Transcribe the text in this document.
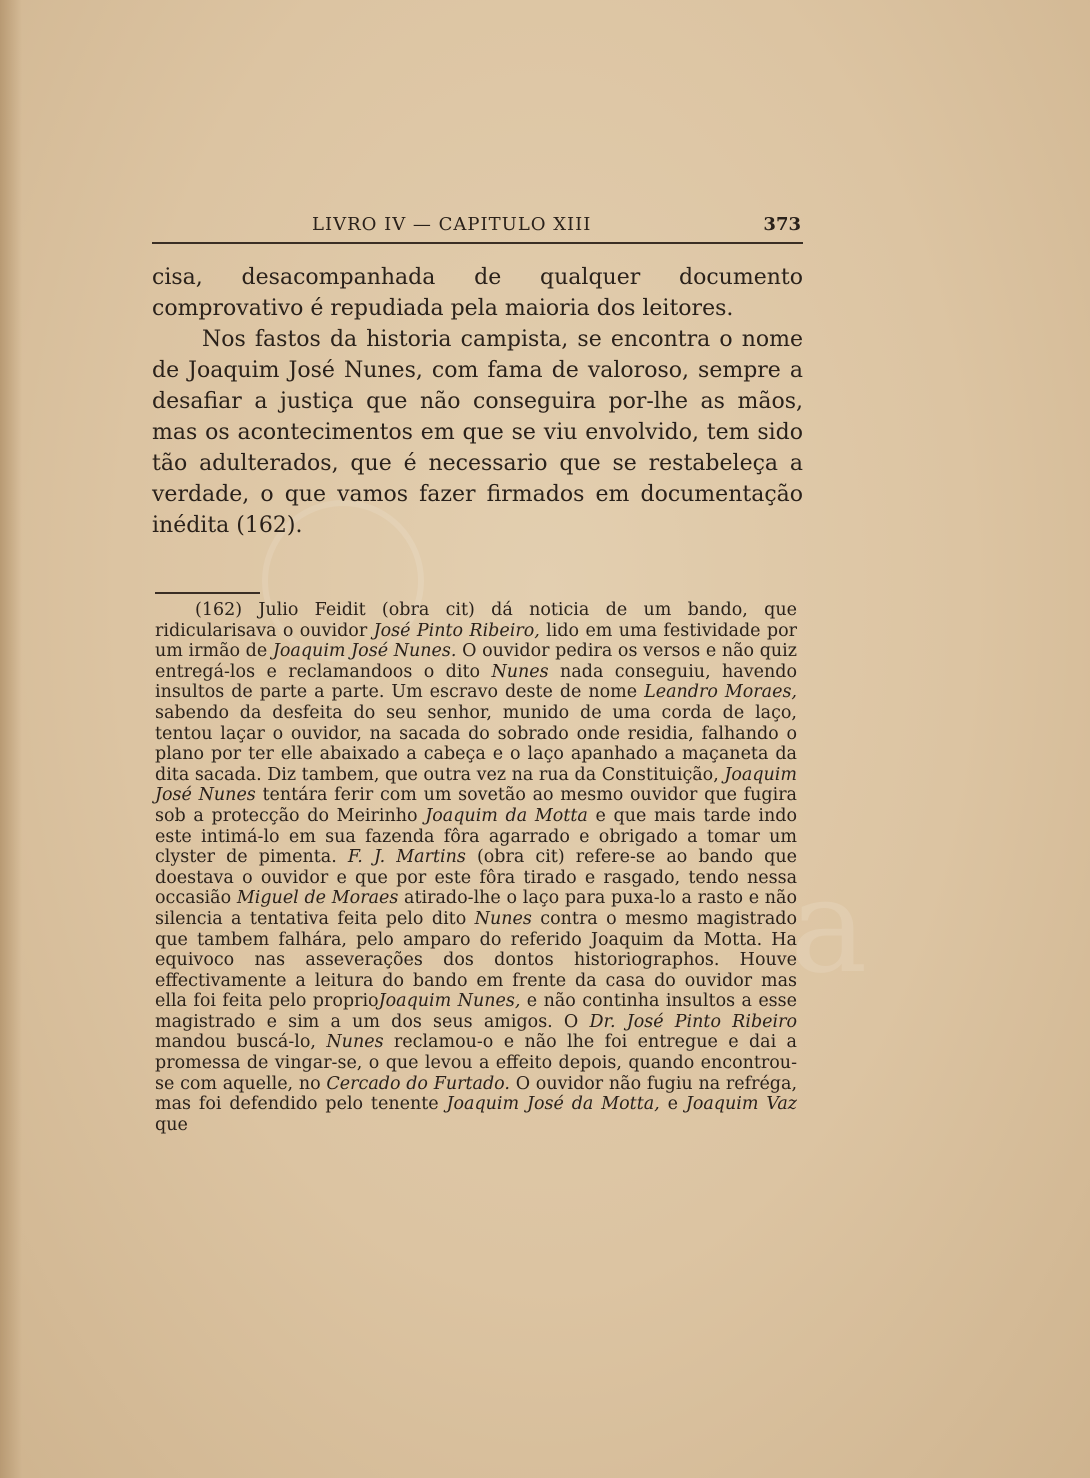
a
LIVRO IV — CAPITULO XIII	373

cisa, desacompanhada de qualquer documento comprovativo é repudiada pela maioria dos leitores.

Nos fastos da historia campista, se encontra o nome de Joaquim José Nunes, com fama de valoroso, sempre a desafiar a justiça que não conseguira por-lhe as mãos, mas os acontecimentos em que se viu envolvido, tem sido tão adulterados, que é necessario que se restabeleça a verdade, o que vamos fazer firmados em documentação inédita (162).

(162) Julio Feidit (obra cit) dá noticia de um bando, que ridicularisava o ouvidor José Pinto Ribeiro, lido em uma festividade por um irmão de Joaquim José Nunes. O ouvidor pedira os versos e não quiz entregá-los e reclamandoos o dito Nunes nada conseguiu, havendo insultos de parte a parte. Um escravo deste de nome Leandro Moraes, sabendo da desfeita do seu senhor, munido de uma corda de laço, tentou laçar o ouvidor, na sacada do sobrado onde residia, falhando o plano por ter elle abaixado a cabeça e o laço apanhado a maçaneta da dita sacada. Diz tambem, que outra vez na rua da Constituição, Joaquim José Nunes tentára ferir com um sovetão ao mesmo ouvidor que fugira sob a protecção do Meirinho Joaquim da Motta e que mais tarde indo este intimá-lo em sua fazenda fôra agarrado e obrigado a tomar um clyster de pimenta. F. J. Martins (obra cit) refere-se ao bando que doestava o ouvidor e que por este fôra tirado e rasgado, tendo nessa occasião Miguel de Moraes atirado-lhe o laço para puxa-lo a rasto e não silencia a tentativa feita pelo dito Nunes contra o mesmo magistrado que tambem falhára, pelo amparo do referido Joaquim da Motta. Ha equivoco nas asseverações dos dontos historiographos. Houve effectivamente a leitura do bando em frente da casa do ouvidor mas ella foi feita pelo proprioJoaquim Nunes, e não continha insultos a esse magistrado e sim a um dos seus amigos. O Dr. José Pinto Ribeiro mandou buscá-lo, Nunes reclamou-o e não lhe foi entregue e dai a promessa de vingar-se, o que levou a effeito depois, quando encontrou-se com aquelle, no Cercado do Furtado. O ouvidor não fugiu na refréga, mas foi defendido pelo tenente Joaquim José da Motta, e Joaquim Vaz que
